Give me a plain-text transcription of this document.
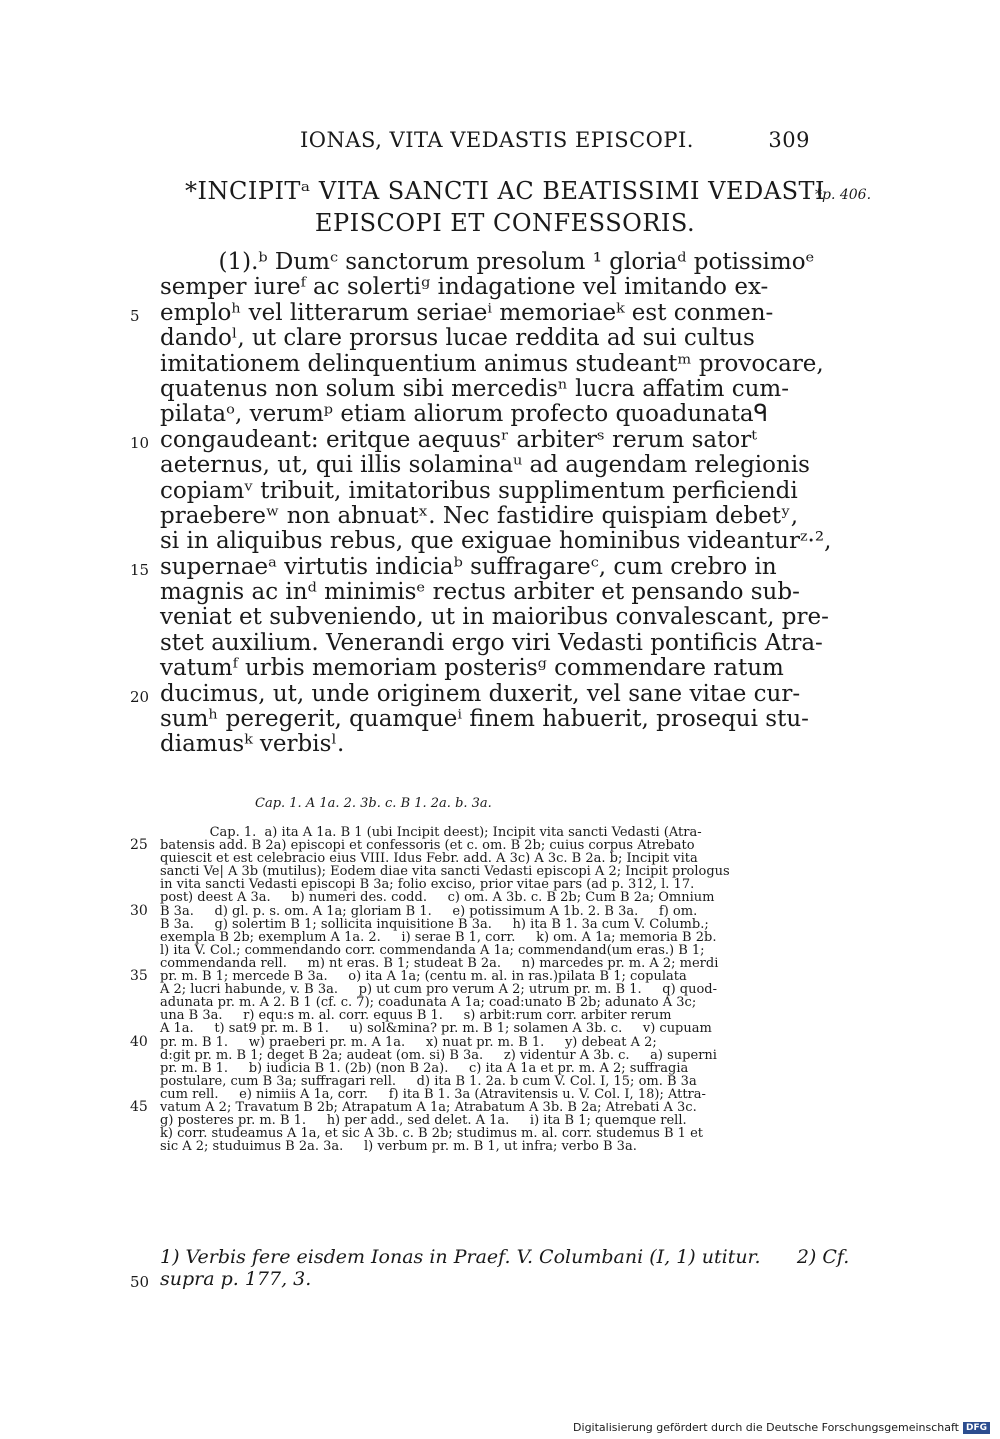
IONAS, VITA VEDASTIS EPISCOPI.	309
*INCIPITᵃ VITA SANCTI AC BEATISSIMI VEDASTI
EPISCOPI ET CONFESSORIS.
*p. 406.
(1).ᵇ Dumᶜ sanctorum presolum ¹ gloriaᵈ potissimoᵉ
semper iureᶠ ac solertiᵍ indagatione vel imitando ex-
5 emploʰ vel litterarum seriaeⁱ memoriaeᵏ est conmen-
dandoˡ, ut clare prorsus lucae reddita ad sui cultus
imitationem delinquentium animus studeantᵐ provocare,
quatenus non solum sibi mercedisⁿ lucra affatim cum-
pilataᵒ, verumᵖ etiam aliorum profecto quoadunataᑫ
10 congaudeant: eritque aequusʳ arbiterˢ rerum satorᵗ
aeternus, ut, qui illis solaminaᵘ ad augendam relegionis
copiamᵛ tribuit, imitatoribus supplimentum perficiendi
praebereʷ non abnuatˣ. Nec fastidire quispiam debetʸ,
si in aliquibus rebus, que exiguae hominibus videanturᶻ·²,
15 supernaeᵃ virtutis indiciaᵇ suffragareᶜ, cum crebro in
magnis ac inᵈ minimisᵉ rectus arbiter et pensando sub-
veniat et subveniendo, ut in maioribus convalescant, pre-
stet auxilium. Venerandi ergo viri Vedasti pontificis Atra-
vatumᶠ urbis memoriam posterisᵍ commendare ratum
20 ducimus, ut, unde originem duxerit, vel sane vitae cur-
sumʰ peregerit, quamqueⁱ finem habuerit, prosequi stu-
diamusᵏ verbisˡ.
Cap. 1. A 1a. 2. 3b. c. B 1. 2a. b. 3a.
Cap. 1.  a) ita A 1a. B 1 (ubi Incipit deest); Incipit vita sancti Vedasti (Atra-
25 batensis add. B 2a) episcopi et confessoris (et c. om. B 2b; cuius corpus Atrebato
quiescit et est celebracio eius VIII. Idus Febr. add. A 3c) A 3c. B 2a. b; Incipit vita
sancti Ve| A 3b (mutilus); Eodem diae vita sancti Vedasti episcopi A 2; Incipit prologus
in vita sancti Vedasti episcopi B 3a; folio exciso, prior vitae pars (ad p. 312, l. 17.
post) deest A 3a.     b) numeri des. codd.     c) om. A 3b. c. B 2b; Cum B 2a; Omnium
30 B 3a.     d) gl. p. s. om. A 1a; gloriam B 1.     e) potissimum A 1b. 2. B 3a.     f) om.
B 3a.     g) solertim B 1; sollicita inquisitione B 3a.     h) ita B 1. 3a cum V. Columb.;
exempla B 2b; exemplum A 1a. 2.     i) serae B 1, corr.     k) om. A 1a; memoria B 2b.
l) ita V. Col.; commendando corr. commendanda A 1a; commendand(um eras.) B 1;
commendanda rell.     m) nt eras. B 1; studeat B 2a.     n) marcedes pr. m. A 2; merdi
35 pr. m. B 1; mercede B 3a.     o) ita A 1a; (centu m. al. in ras.)pilata B 1; copulata
A 2; lucri habunde, v. B 3a.     p) ut cum pro verum A 2; utrum pr. m. B 1.     q) quod-
adunata pr. m. A 2. B 1 (cf. c. 7); coadunata A 1a; coad:unato B 2b; adunato A 3c;
una B 3a.     r) equ:s m. al. corr. equus B 1.     s) arbit:rum corr. arbiter rerum
A 1a.     t) sat9 pr. m. B 1.     u) sol&mina? pr. m. B 1; solamen A 3b. c.     v) cupuam
40 pr. m. B 1.     w) praeberi pr. m. A 1a.     x) nuat pr. m. B 1.     y) debeat A 2;
d:git pr. m. B 1; deget B 2a; audeat (om. si) B 3a.     z) videntur A 3b. c.     a) superni
pr. m. B 1.     b) iudicia B 1. (2b) (non B 2a).     c) ita A 1a et pr. m. A 2; suffragia
postulare, cum B 3a; suffragari rell.     d) ita B 1. 2a. b cum V. Col. I, 15; om. B 3a
cum rell.     e) nimiis A 1a, corr.     f) ita B 1. 3a (Atravitensis u. V. Col. I, 18); Attra-
45 vatum A 2; Travatum B 2b; Atrapatum A 1a; Atrabatum A 3b. B 2a; Atrebati A 3c.
g) posteres pr. m. B 1.     h) per add., sed delet. A 1a.     i) ita B 1; quemque rell.
k) corr. studeamus A 1a, et sic A 3b. c. B 2b; studimus m. al. corr. studemus B 1 et
sic A 2; studuimus B 2a. 3a.     l) verbum pr. m. B 1, ut infra; verbo B 3a.
1) Verbis fere eisdem Ionas in Praef. V. Columbani (I, 1) utitur.      2) Cf.
50 supra p. 177, 3.
Digitalisierung gefördert durch die Deutsche Forschungsgemeinschaft DFG
